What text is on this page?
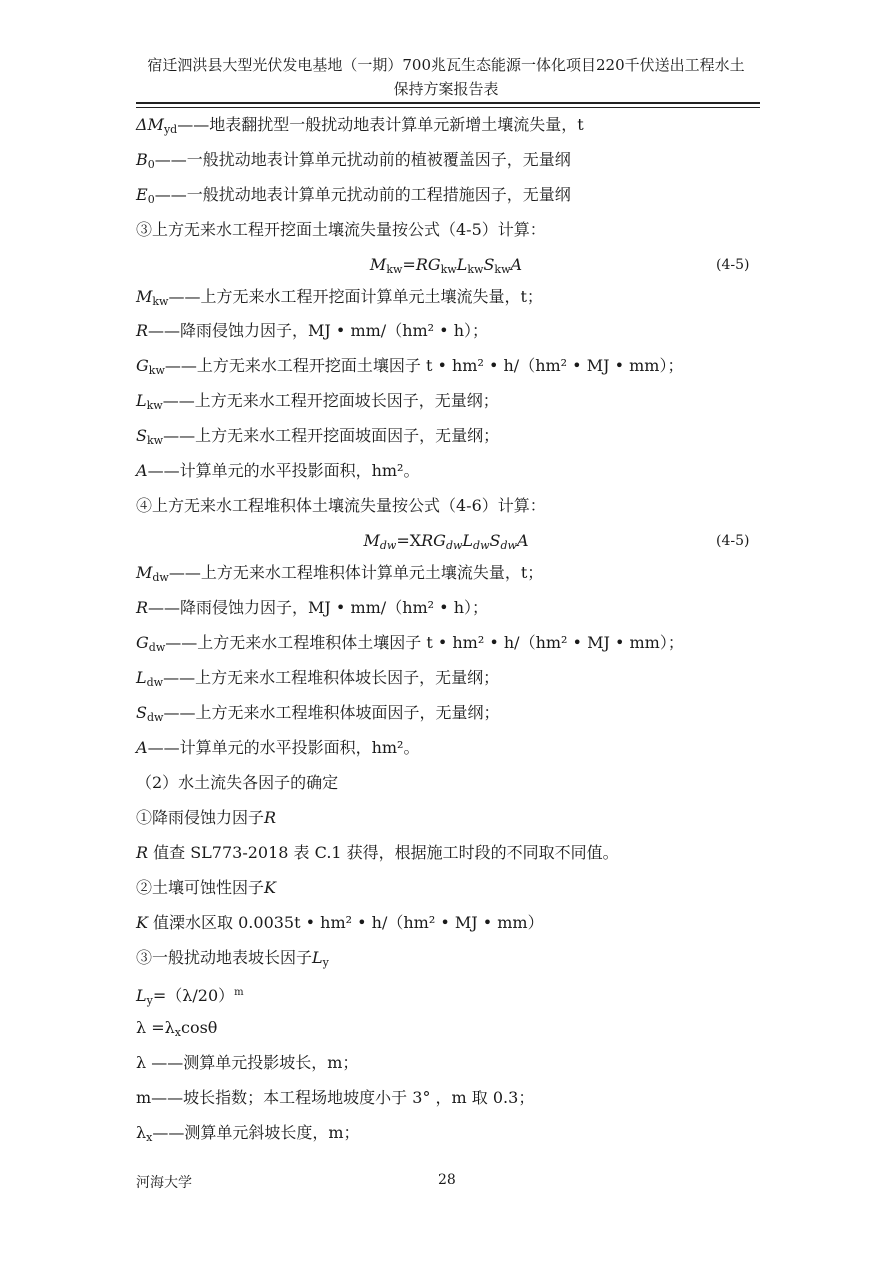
宿迁泗洪县大型光伏发电基地（一期）700兆瓦生态能源一体化项目220千伏送出工程水土
保持方案报告表
$\Delta M_{yd}——$地表翻扰型一般扰动地表计算单元新增土壤流失量，t
$B_0——$一般扰动地表计算单元扰动前的植被覆盖因子，无量纲
$E_0——$一般扰动地表计算单元扰动前的工程措施因子，无量纲
③上方无来水工程开挖面土壤流失量按公式（4-5）计算：
$M_{kw}=RG_{kw}L_{kw}S_{kw}A$	(4-5)
$M_{kw}——$上方无来水工程开挖面计算单元土壤流失量，t；
R——降雨侵蚀力因子，MJ • mm/（hm² • h）；
$G_{kw}——$上方无来水工程开挖面土壤因子 t • hm² • h/（hm² • MJ • mm）；
$L_{kw}——$上方无来水工程开挖面坡长因子，无量纲；
$S_{kw}——$上方无来水工程开挖面坡面因子，无量纲；
A——计算单元的水平投影面积，hm²。
④上方无来水工程堆积体土壤流失量按公式（4-6）计算：
$M_{dw}=XRG_{dw}L_{dw}S_{dw}A$	(4-5)
$M_{dw}——$上方无来水工程堆积体计算单元土壤流失量，t；
R——降雨侵蚀力因子，MJ • mm/（hm² • h）；
$G_{dw}——$上方无来水工程堆积体土壤因子 t • hm² • h/（hm² • MJ • mm）；
$L_{dw}——$上方无来水工程堆积体坡长因子，无量纲；
$S_{dw}——$上方无来水工程堆积体坡面因子，无量纲；
A——计算单元的水平投影面积，hm²。
（2）水土流失各因子的确定
①降雨侵蚀力因子R
R 值查 SL773-2018 表 C.1 获得，根据施工时段的不同取不同值。
②土壤可蚀性因子K
K 值溧水区取 0.0035t • hm² • h/（hm² • MJ • mm）
③一般扰动地表坡长因子$L_y$
$L_y=(\lambda/20)^m$
$\lambda =\lambda_x\cos\theta$
λ ——测算单元投影坡长，m；
m——坡长指数；本工程场地坡度小于 3° ，m 取 0.3；
$\lambda_x——$测算单元斜坡长度，m；
河海大学	28
